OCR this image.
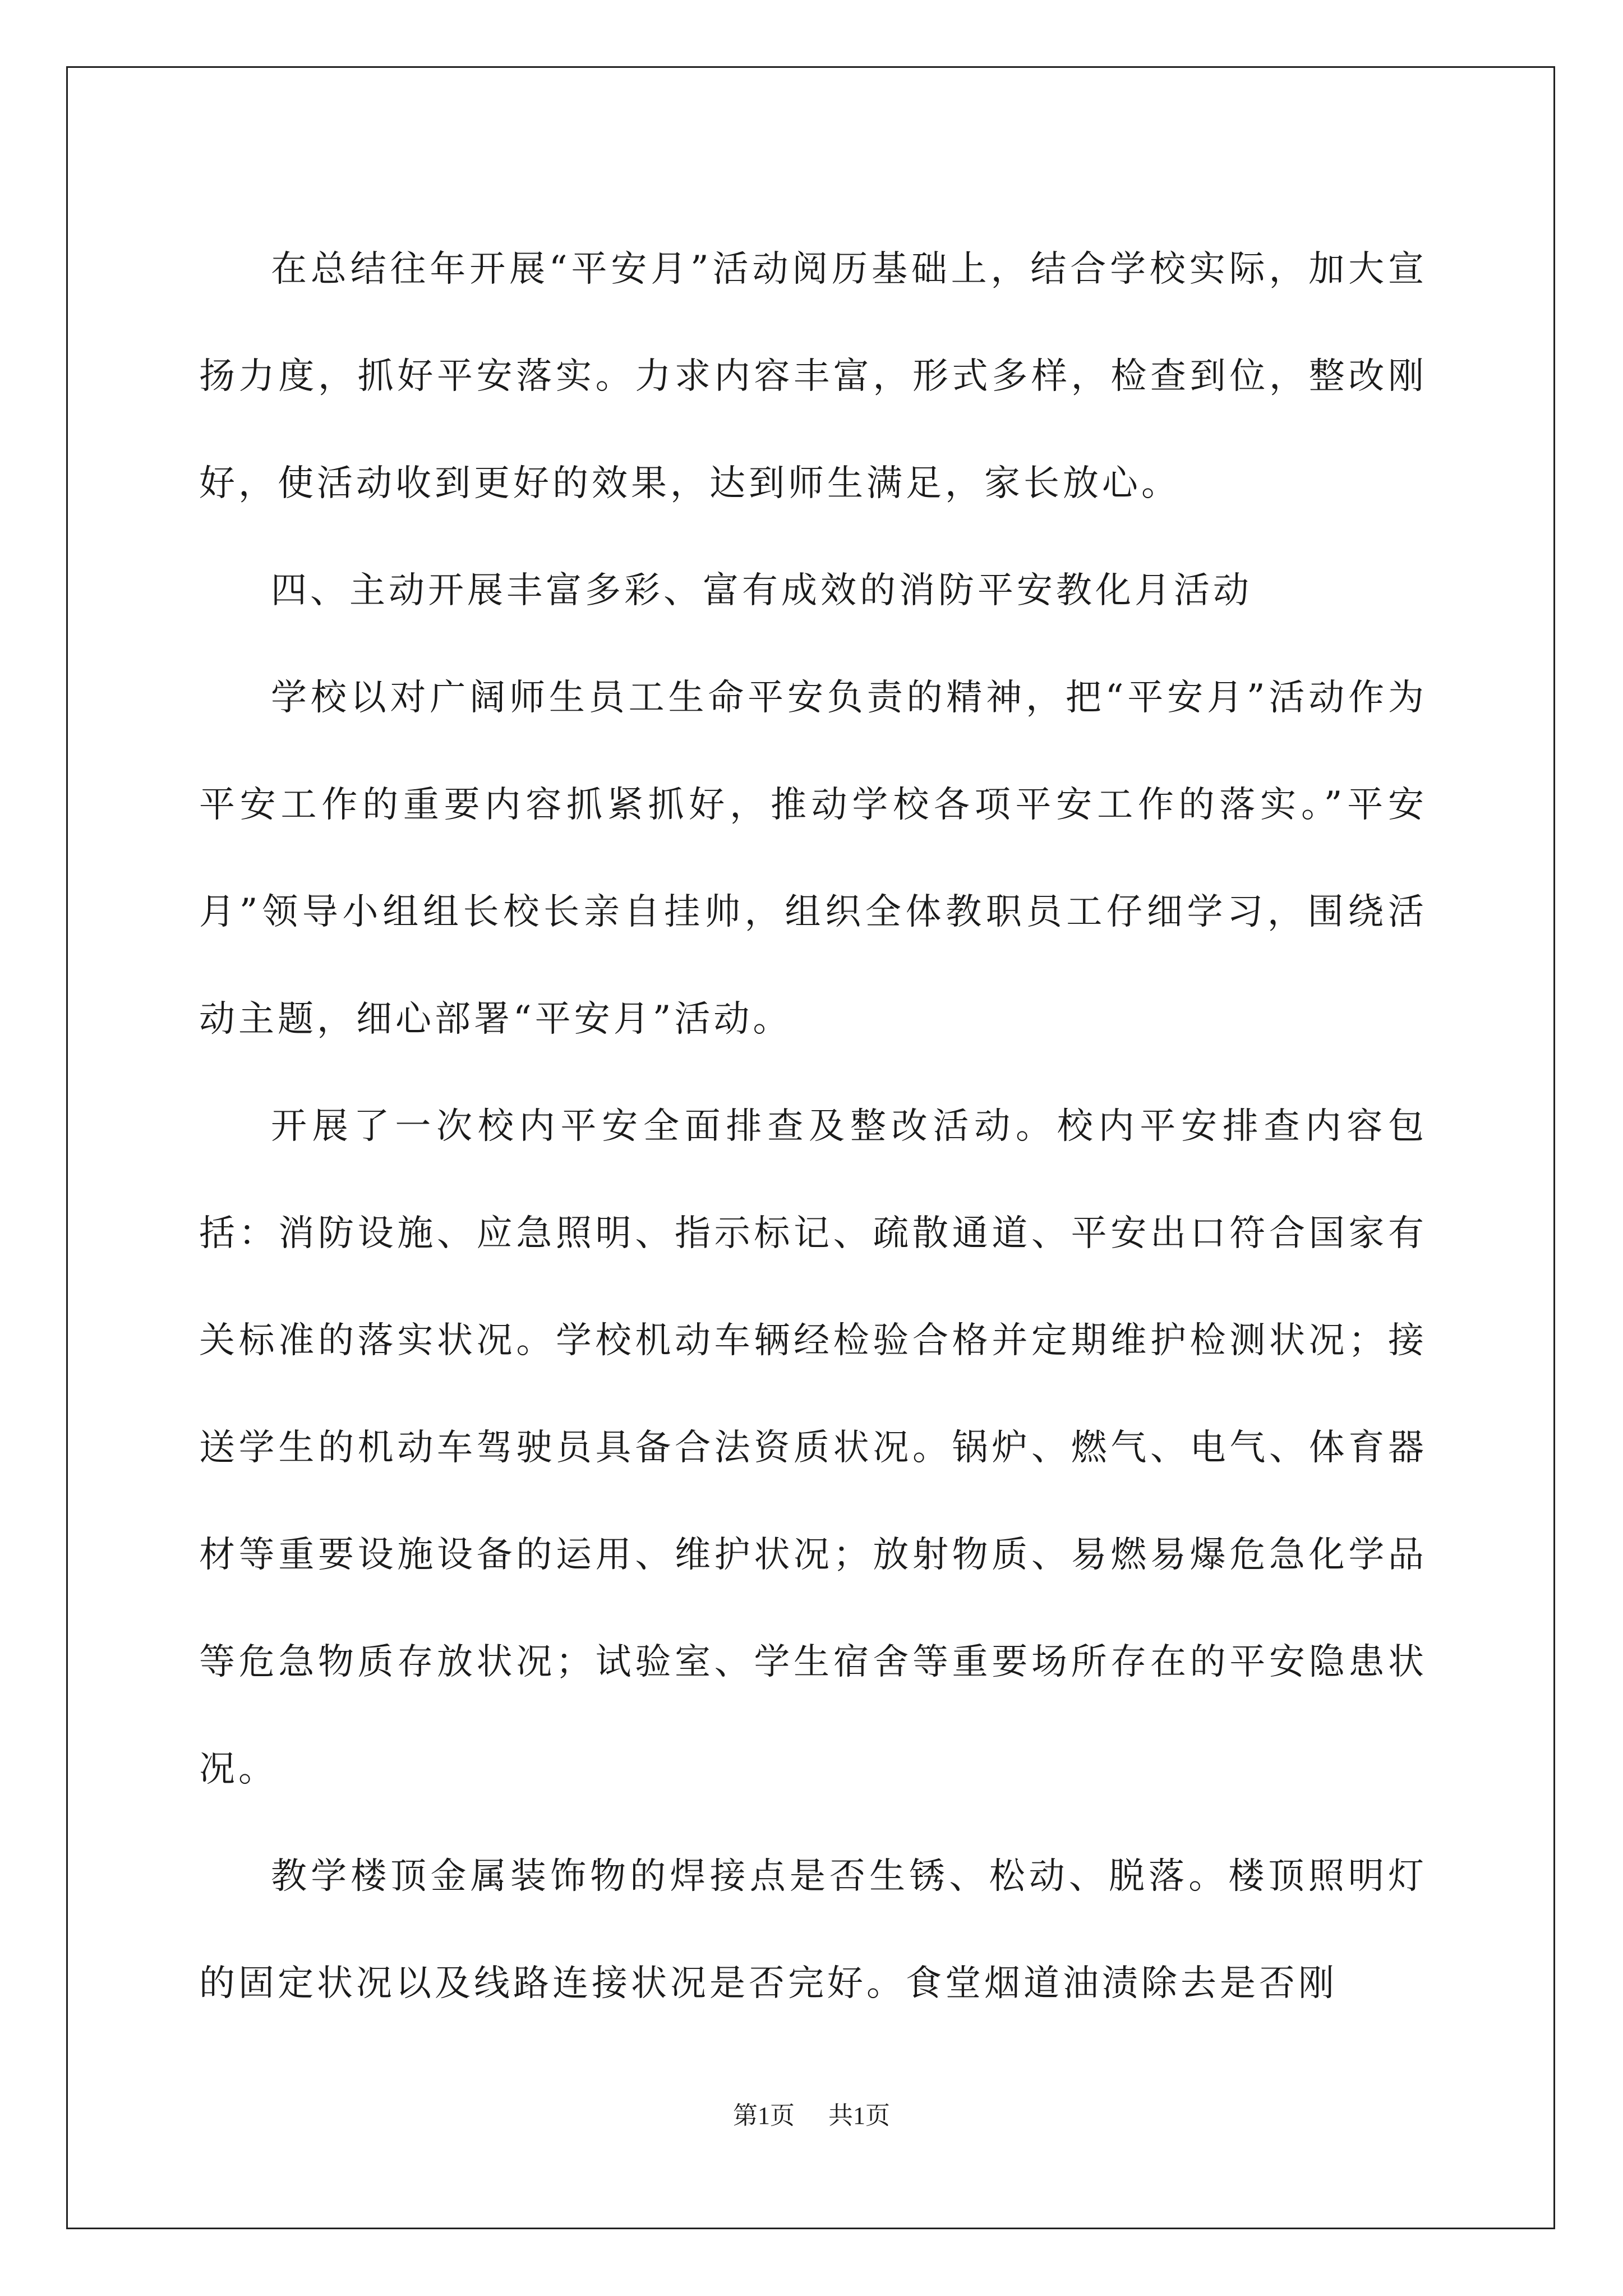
在总结往年开展“平安月”活动阅历基础上，结合学校实际，加大宣扬力度，抓好平安落实。力求内容丰富，形式多样，检查到位，整改刚好，使活动收到更好的效果，达到师生满足，家长放心。

四、主动开展丰富多彩、富有成效的消防平安教化月活动

学校以对广阔师生员工生命平安负责的精神，把“平安月”活动作为平安工作的重要内容抓紧抓好，推动学校各项平安工作的落实。”平安月”领导小组组长校长亲自挂帅，组织全体教职员工仔细学习，围绕活动主题，细心部署“平安月”活动。

开展了一次校内平安全面排查及整改活动。校内平安排查内容包括：消防设施、应急照明、指示标记、疏散通道、平安出口符合国家有关标准的落实状况。学校机动车辆经检验合格并定期维护检测状况；接送学生的机动车驾驶员具备合法资质状况。锅炉、燃气、电气、体育器材等重要设施设备的运用、维护状况；放射物质、易燃易爆危急化学品等危急物质存放状况；试验室、学生宿舍等重要场所存在的平安隐患状况。

教学楼顶金属装饰物的焊接点是否生锈、松动、脱落。楼顶照明灯的固定状况以及线路连接状况是否完好。食堂烟道油渍除去是否刚

第1页 共1页
